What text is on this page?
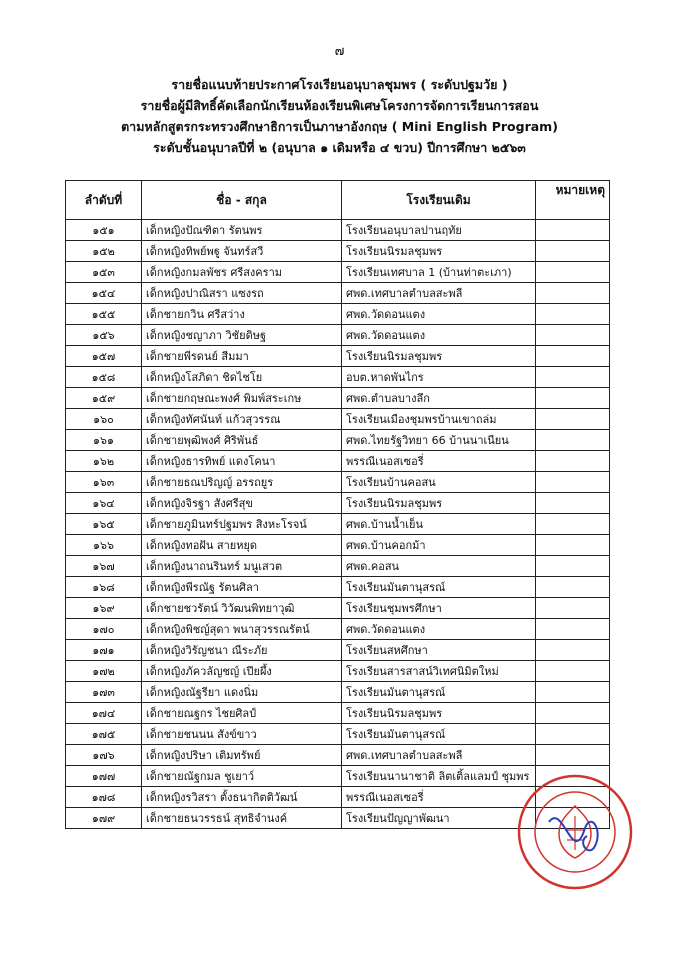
๗
รายชื่อแนบท้ายประกาศโรงเรียนอนุบาลชุมพร ( ระดับปฐมวัย )
รายชื่อผู้มีสิทธิ์คัดเลือกนักเรียนห้องเรียนพิเศษโครงการจัดการเรียนการสอน
ตามหลักสูตรกระทรวงศึกษาธิการเป็นภาษาอังกฤษ ( Mini English Program)
ระดับชั้นอนุบาลปีที่ ๒ (อนุบาล ๑ เดิมหรือ ๔ ขวบ) ปีการศึกษา ๒๕๖๓
ลำดับที่	ชื่อ - สกุล	โรงเรียนเดิม	หมายเหตุ
๑๕๑	เด็กหญิงปัณฑิตา รัตนพร	โรงเรียนอนุบาลปานฤทัย	
๑๕๒	เด็กหญิงทิพย์พฐู จันทร์สวี	โรงเรียนนิรมลชุมพร	
๑๕๓	เด็กหญิงกมลพัชร ศรีสงคราม	โรงเรียนเทศบาล 1 (บ้านท่าตะเภา)	
๑๕๔	เด็กหญิงปาณิสรา แซงรถ	ศพด.เทศบาลตำบลสะพลี	
๑๕๕	เด็กชายกวิน ศรีสว่าง	ศพด.วัดดอนแตง	
๑๕๖	เด็กหญิงชญาภา วิชัยดิษฐ	ศพด.วัดดอนแตง	
๑๕๗	เด็กชายพีรดนย์ สีมมา	โรงเรียนนิรมลชุมพร	
๑๕๘	เด็กหญิงโสภิดา ชิดไชโย	อบต.หาดพันไกร	
๑๕๙	เด็กชายกฤษณะพงศ์ พิมพ์สระเกษ	ศพด.ตำบลบางลึก	
๑๖๐	เด็กหญิงทัศนันท์ แก้วสุวรรณ	โรงเรียนเมืองชุมพรบ้านเขาถล่ม	
๑๖๑	เด็กชายพุฒิพงศ์ ศิริพันธ์	ศพด.ไทยรัฐวิทยา 66 บ้านนาเนียน	
๑๖๒	เด็กหญิงธารทิพย์ แดงโคนา	พรรณีเนอสเซอรี่	
๑๖๓	เด็กชายธณปริญญ์ อรรถยูร	โรงเรียนบ้านคอสน	
๑๖๔	เด็กหญิงจิรฐา สังศรีสุข	โรงเรียนนิรมลชุมพร	
๑๖๕	เด็กชายภูมินทร์ปฐมพร สิงหะโรจน์	ศพด.บ้านน้ำเย็น	
๑๖๖	เด็กหญิงทอฝัน สายหยุด	ศพด.บ้านคอกม้า	
๑๖๗	เด็กหญิงนาถนรินทร์ มนูเสวต	ศพด.คอสน	
๑๖๘	เด็กหญิงพีรณัฐ รัตนศิลา	โรงเรียนมันตานุสรณ์	
๑๖๙	เด็กชายชวรัตน์ วิวัฒนพิทยาวุฒิ	โรงเรียนชุมพรศึกษา	
๑๗๐	เด็กหญิงพิชญ์สุดา พนาสุวรรณรัตน์	ศพด.วัดดอนแตง	
๑๗๑	เด็กหญิงวิรัญชนา ณีระภัย	โรงเรียนสหศึกษา	
๑๗๒	เด็กหญิงภัควลัญชญ์ เปียผึ้ง	โรงเรียนสารสาสน์วิเทศนิมิตใหม่	
๑๗๓	เด็กหญิงณัฐรียา แดงนิ่ม	โรงเรียนมันตานุสรณ์	
๑๗๔	เด็กชายณฐกร ไชยศิลป์	โรงเรียนนิรมลชุมพร	
๑๗๕	เด็กชายชนนน สังข์ขาว	โรงเรียนมันตานุสรณ์	
๑๗๖	เด็กหญิงปริษา เติมทรัพย์	ศพด.เทศบาลตำบลสะพลี	
๑๗๗	เด็กชายณัฐกมล ชูเยาว์	โรงเรียนนานาชาติ ลิตเติ้ลแลมป์ ชุมพร	
๑๗๘	เด็กหญิงรวิสรา ตั้งธนากิตติวัฒน์	พรรณีเนอสเซอรี่	
๑๗๙	เด็กชายธนวรรธน์ สุทธิจำนงค์	โรงเรียนปัญญาพัฒนา	
